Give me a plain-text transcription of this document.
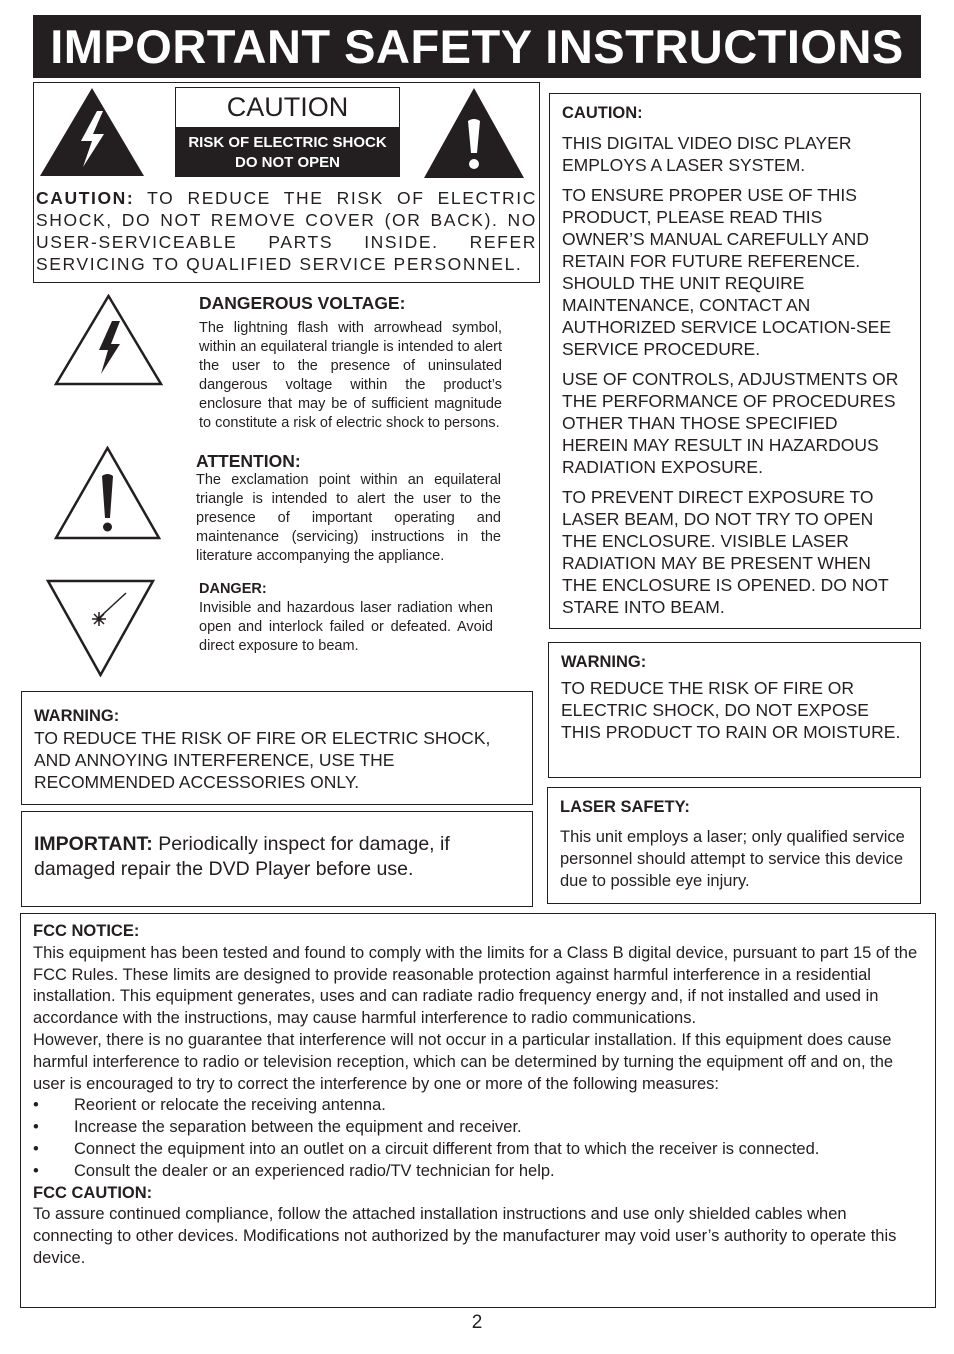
IMPORTANT SAFETY INSTRUCTIONS
CAUTION
RISK OF ELECTRIC SHOCK
DO NOT OPEN

CAUTION: TO REDUCE THE RISK OF ELECTRIC SHOCK, DO NOT REMOVE COVER (OR BACK). NO USER-SERVICEABLE PARTS INSIDE. REFER

SERVICING TO QUALIFIED SERVICE PERSONNEL.

DANGEROUS VOLTAGE:

The lightning flash with arrowhead symbol, within an equilateral triangle is intended to alert the user to the presence of uninsulated dangerous voltage within the product’s enclosure that may be of sufficient magnitude to constitute a risk of electric shock to persons.

ATTENTION:

The exclamation point within an equilateral triangle is intended to alert the user to the presence of important operating and maintenance (servicing) instructions in the literature accompanying the appliance.

DANGER:

Invisible and hazardous laser radiation when open and interlock failed or defeated. Avoid direct exposure to beam.

CAUTION:

THIS DIGITAL VIDEO DISC PLAYER EMPLOYS A LASER SYSTEM.

TO ENSURE PROPER USE OF THIS PRODUCT, PLEASE READ THIS OWNER’S MANUAL CAREFULLY AND RETAIN FOR FUTURE REFERENCE. SHOULD THE UNIT REQUIRE MAINTENANCE, CONTACT AN AUTHORIZED SERVICE LOCATION-SEE SERVICE PROCEDURE.

USE OF CONTROLS, ADJUSTMENTS OR THE PERFORMANCE OF PROCEDURES OTHER THAN THOSE SPECIFIED HEREIN MAY RESULT IN HAZARDOUS RADIATION EXPOSURE.

TO PREVENT DIRECT EXPOSURE TO LASER BEAM, DO NOT TRY TO OPEN THE ENCLOSURE. VISIBLE LASER RADIATION MAY BE PRESENT WHEN THE ENCLOSURE IS OPENED. DO NOT STARE INTO BEAM.

WARNING:

TO REDUCE THE RISK OF FIRE OR ELECTRIC SHOCK, DO NOT EXPOSE THIS PRODUCT TO RAIN OR MOISTURE.

LASER SAFETY:

This unit employs a laser; only qualified service personnel should attempt to service this device due to possible eye injury.

WARNING:

TO REDUCE THE RISK OF FIRE OR ELECTRIC SHOCK, AND ANNOYING INTERFERENCE, USE THE RECOMMENDED ACCESSORIES ONLY.

IMPORTANT: Periodically inspect for damage, if damaged repair the DVD Player before use.

FCC NOTICE:

This equipment has been tested and found to comply with the limits for a Class B digital device, pursuant to part 15 of the FCC Rules. These limits are designed to provide reasonable protection against harmful interference in a residential installation. This equipment generates, uses and can radiate radio frequency energy and, if not installed and used in accordance with the instructions, may cause harmful interference to radio communications.

However, there is no guarantee that interference will not occur in a particular installation. If this equipment does cause harmful interference to radio or television reception, which can be determined by turning the equipment off and on, the user is encouraged to try to correct the interference by one or more of the following measures:

•	Reorient or relocate the receiving antenna.
•	Increase the separation between the equipment and receiver.
•	Connect the equipment into an outlet on a circuit different from that to which the receiver is connected.
•	Consult the dealer or an experienced radio/TV technician for help.

FCC CAUTION:

To assure continued compliance, follow the attached installation instructions and use only shielded cables when connecting to other devices. Modifications not authorized by the manufacturer may void user’s authority to operate this device.

2
